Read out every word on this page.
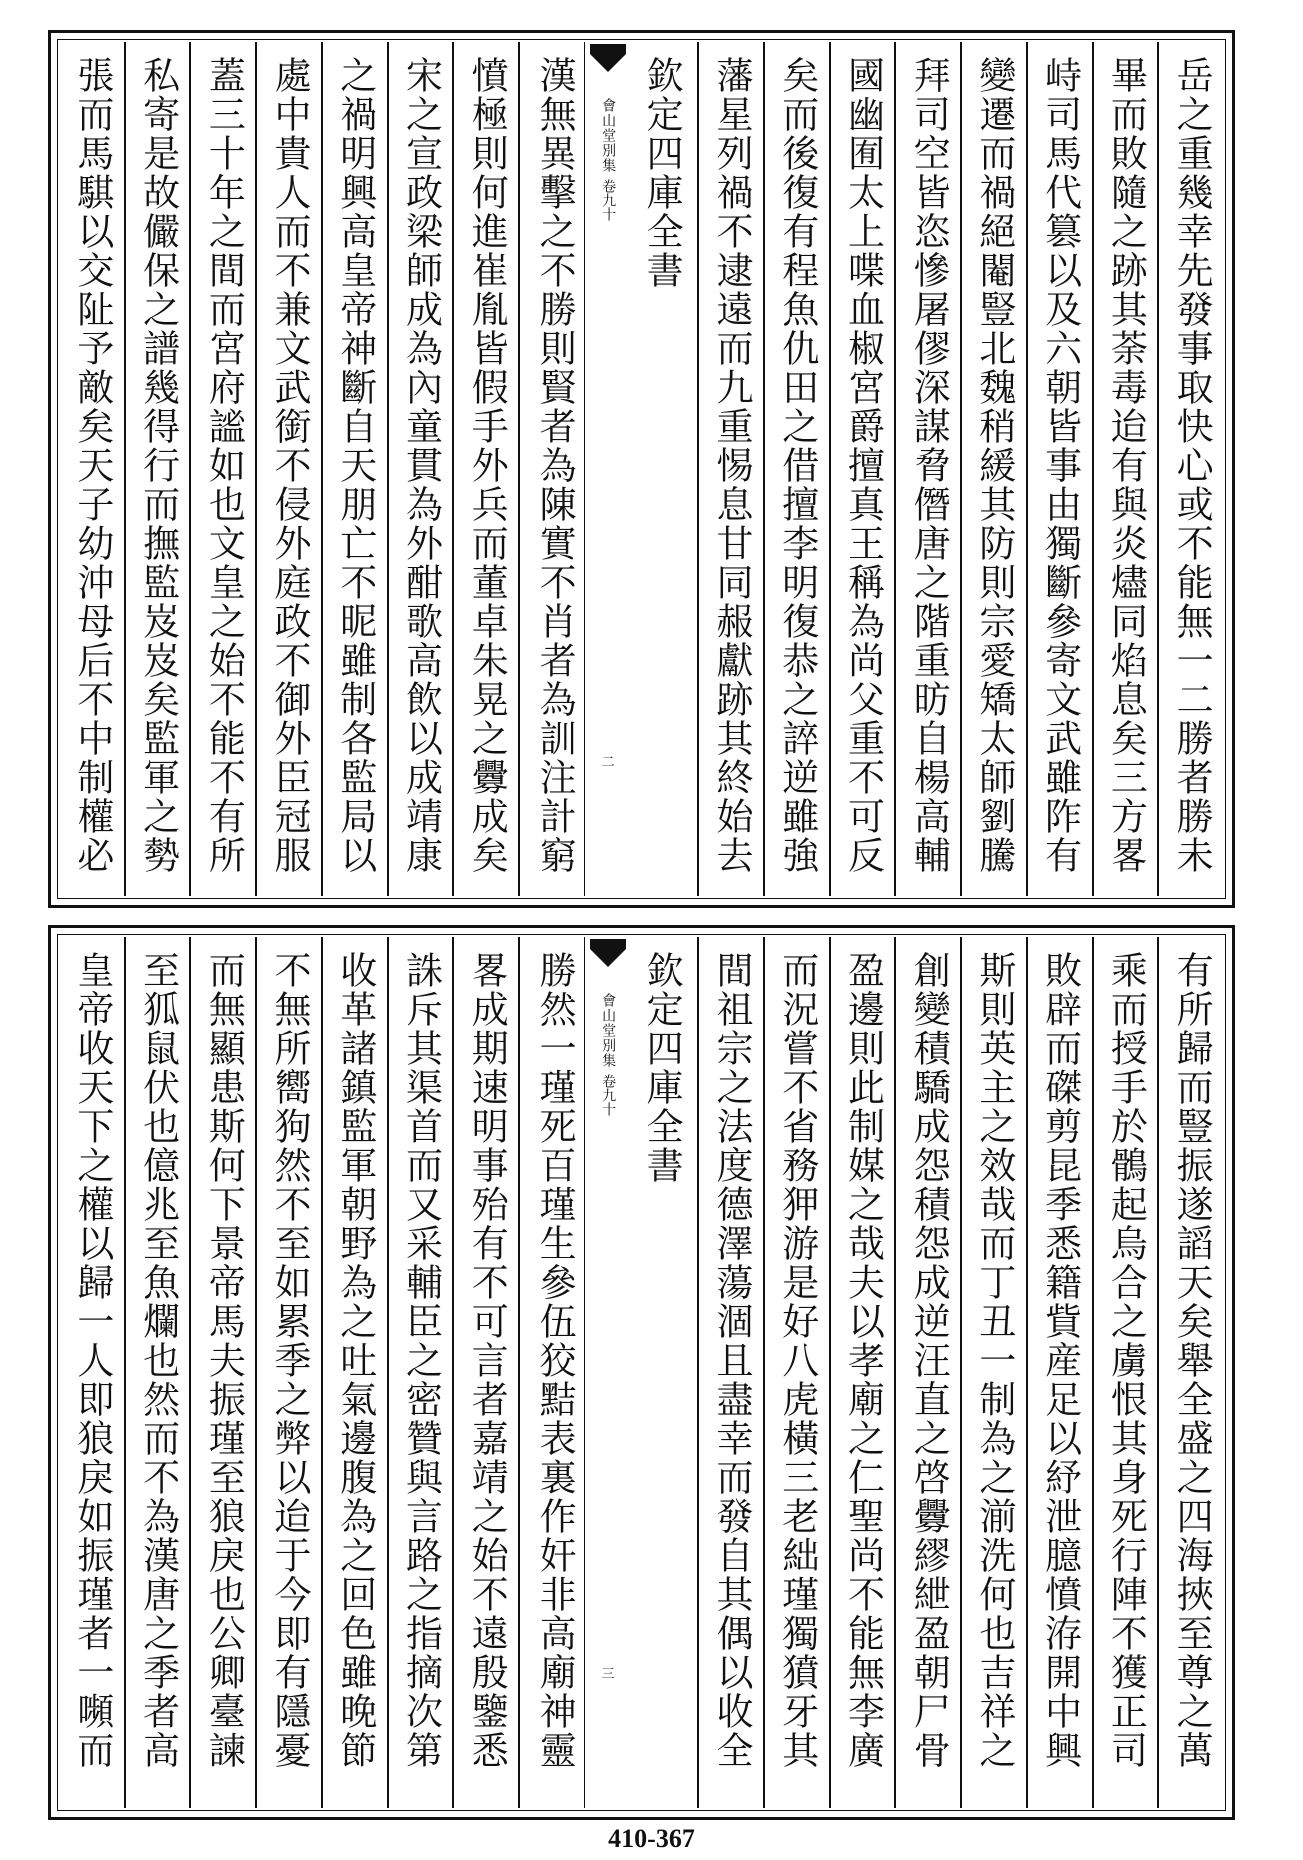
岳之重幾幸先發事取快心或不能無一二勝者勝未
畢而敗隨之跡其荼毒迨有與炎燼同焰息矣三方畧
峙司馬代篡以及六朝皆事由獨斷參寄文武雖阼有
變遷而禍絕閹豎北魏稍緩其防則宗愛矯太師劉騰
拜司空皆恣慘屠僇深謀脅僭唐之階重昉自楊高輔
國幽囿太上喋血椒宮爵擅真王稱為尚父重不可反
矣而後復有程魚仇田之借擅李明復恭之誶逆雖強
藩星列禍不逮遠而九重惕息甘同赧獻跡其終始去
欽定四庫全書
會山堂別集
卷九十
二
漢無異擊之不勝則賢者為陳實不肖者為訓注計窮
憤極則何進崔胤皆假手外兵而董卓朱晃之釁成矣
宋之宣政梁師成為內童貫為外酣歌高飲以成靖康
之禍明興高皇帝神斷自天朋亡不昵雖制各監局以
處中貴人而不兼文武銜不侵外庭政不御外臣冠服
蓋三十年之間而宮府謐如也文皇之始不能不有所
私寄是故儼保之譜幾得行而撫監岌岌矣監軍之勢
張而馬騏以交阯予敵矣天子幼沖母后不中制權必
有所歸而豎振遂謟天矣舉全盛之四海挾至尊之萬
乘而授手於鶻起烏合之虜恨其身死行陣不獲正司
敗辟而磔剪昆季悉籍貲産足以紓泄臆憤洊開中興
斯則英主之效哉而丁丑一制為之湔洗何也吉祥之
創變積驕成怨積怨成逆汪直之啓釁繆紲盈朝尸骨
盈邊則此制媒之哉夫以孝廟之仁聖尚不能無李廣
而況嘗不省務狎游是好八虎橫三老絀瑾獨獖牙其
間祖宗之法度德澤蕩涸且盡幸而發自其偶以收全
欽定四庫全書
會山堂別集
卷九十
三
勝然一瑾死百瑾生參伍狡黠表裏作奸非高廟神靈
畧成期速明事殆有不可言者嘉靖之始不遠殷鑒悉
誅斥其渠首而又采輔臣之密贊與言路之指摘次第
收革諸鎮監軍朝野為之吐氣邊腹為之回色雖晚節
不無所嚮狗然不至如累季之弊以迨于今即有隱憂
而無顯患斯何下景帝馬夫振瑾至狼戾也公卿臺諫
至狐鼠伏也億兆至魚爛也然而不為漢唐之季者高
皇帝收天下之權以歸一人即狼戾如振瑾者一嚬而
410-367
